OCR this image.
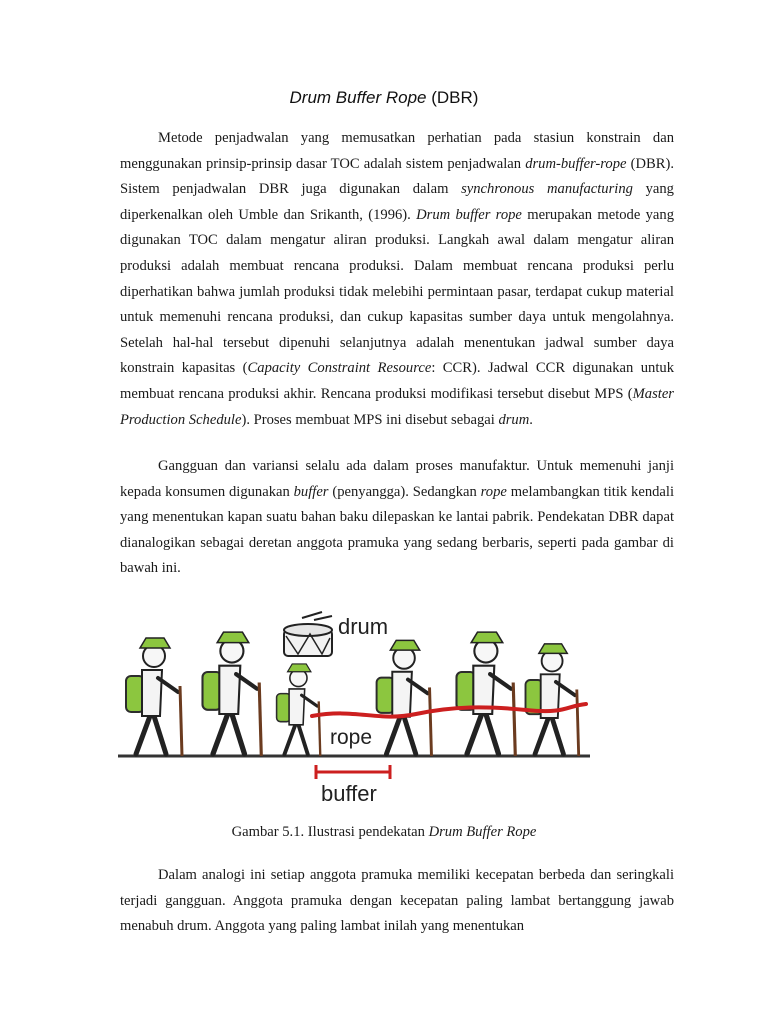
Drum Buffer Rope (DBR)

Metode penjadwalan yang memusatkan perhatian pada stasiun konstrain dan menggunakan prinsip-prinsip dasar TOC adalah sistem penjadwalan drum-buffer-rope (DBR). Sistem penjadwalan DBR juga digunakan dalam synchronous manufacturing yang diperkenalkan oleh Umble dan Srikanth, (1996). Drum buffer rope merupakan metode yang digunakan TOC dalam mengatur aliran produksi. Langkah awal dalam mengatur aliran produksi adalah membuat rencana produksi. Dalam membuat rencana produksi perlu diperhatikan bahwa jumlah produksi tidak melebihi permintaan pasar, terdapat cukup material untuk memenuhi rencana produksi, dan cukup kapasitas sumber daya untuk mengolahnya. Setelah hal-hal tersebut dipenuhi selanjutnya adalah menentukan jadwal sumber daya konstrain kapasitas (Capacity Constraint Resource: CCR). Jadwal CCR digunakan untuk membuat rencana produksi akhir. Rencana produksi modifikasi tersebut disebut MPS (Master Production Schedule). Proses membuat MPS ini disebut sebagai drum.

Gangguan dan variansi selalu ada dalam proses manufaktur. Untuk memenuhi janji kepada konsumen digunakan buffer (penyangga). Sedangkan rope melambangkan titik kendali yang menentukan kapan suatu bahan baku dilepaskan ke lantai pabrik. Pendekatan DBR dapat dianalogikan sebagai deretan anggota pramuka yang sedang berbaris, seperti pada gambar di bawah ini.

drum
rope
buffer
Gambar 5.1. Ilustrasi pendekatan Drum Buffer Rope

Dalam analogi ini setiap anggota pramuka memiliki kecepatan berbeda dan seringkali terjadi gangguan. Anggota pramuka dengan kecepatan paling lambat bertanggung jawab menabuh drum. Anggota yang paling lambat inilah yang menentukan
